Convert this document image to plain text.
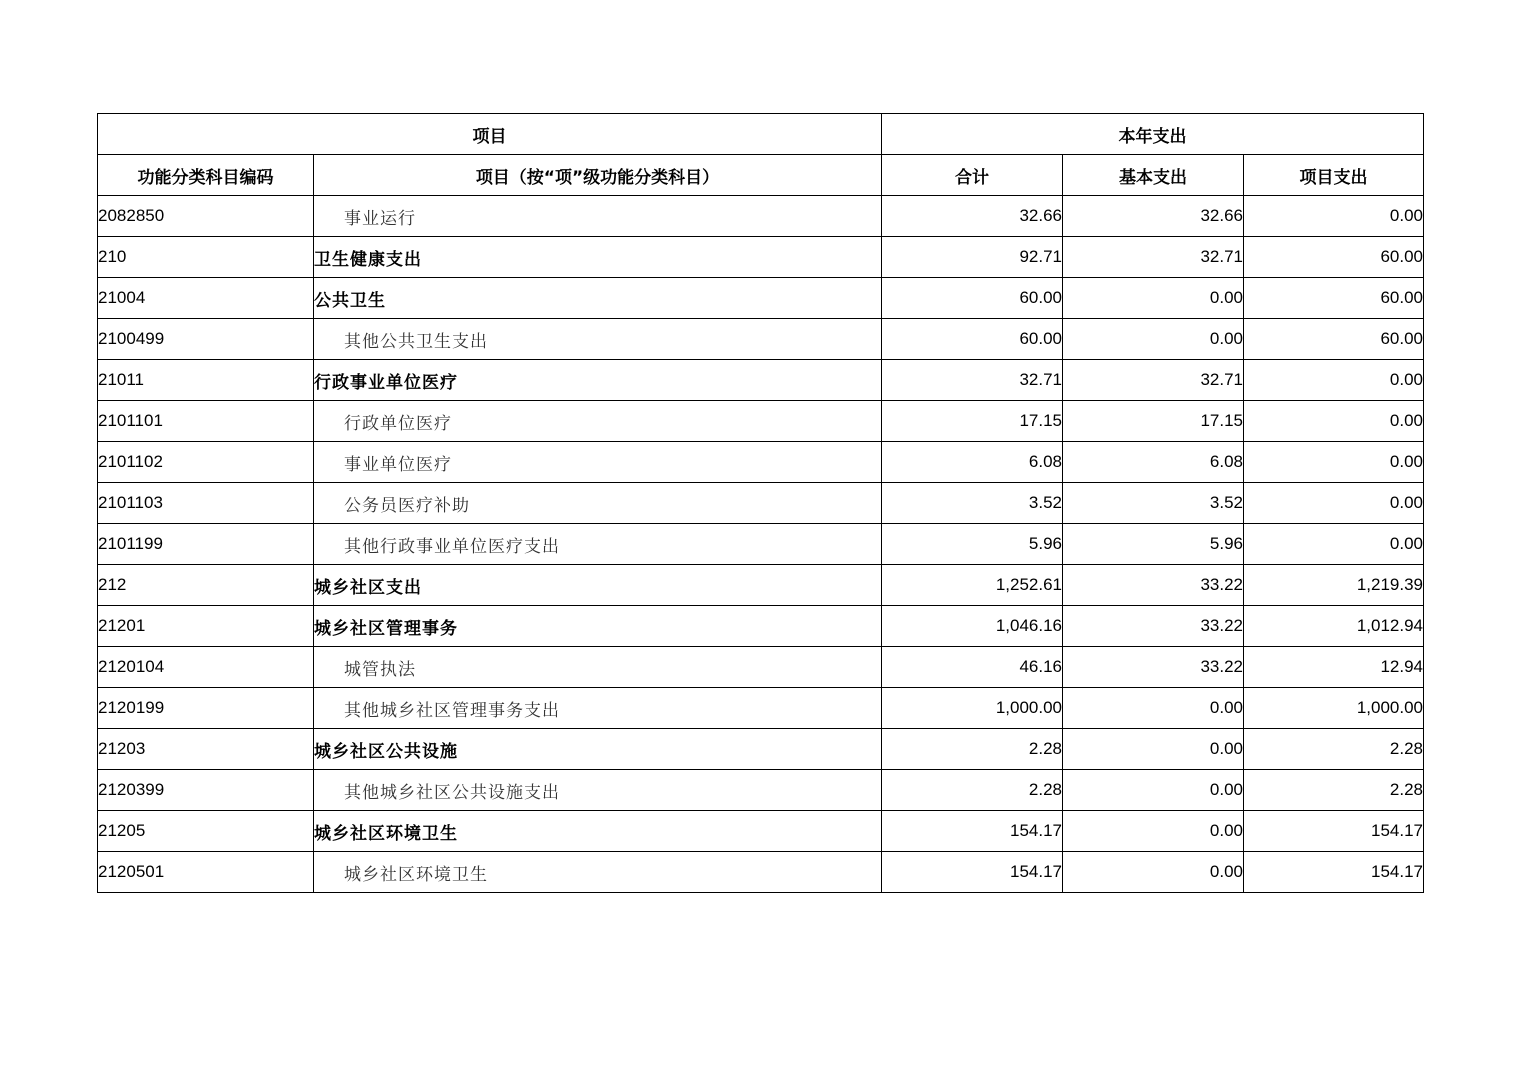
项目		本年支出		
功能分类科目编码	项目（按“项”级功能分类科目）	合计	基本支出	项目支出
2082850	事业运行	32.66	32.66	0.00
210	卫生健康支出	92.71	32.71	60.00
21004	公共卫生	60.00	0.00	60.00
2100499	其他公共卫生支出	60.00	0.00	60.00
21011	行政事业单位医疗	32.71	32.71	0.00
2101101	行政单位医疗	17.15	17.15	0.00
2101102	事业单位医疗	6.08	6.08	0.00
2101103	公务员医疗补助	3.52	3.52	0.00
2101199	其他行政事业单位医疗支出	5.96	5.96	0.00
212	城乡社区支出	1,252.61	33.22	1,219.39
21201	城乡社区管理事务	1,046.16	33.22	1,012.94
2120104	城管执法	46.16	33.22	12.94
2120199	其他城乡社区管理事务支出	1,000.00	0.00	1,000.00
21203	城乡社区公共设施	2.28	0.00	2.28
2120399	其他城乡社区公共设施支出	2.28	0.00	2.28
21205	城乡社区环境卫生	154.17	0.00	154.17
2120501	城乡社区环境卫生	154.17	0.00	154.17
